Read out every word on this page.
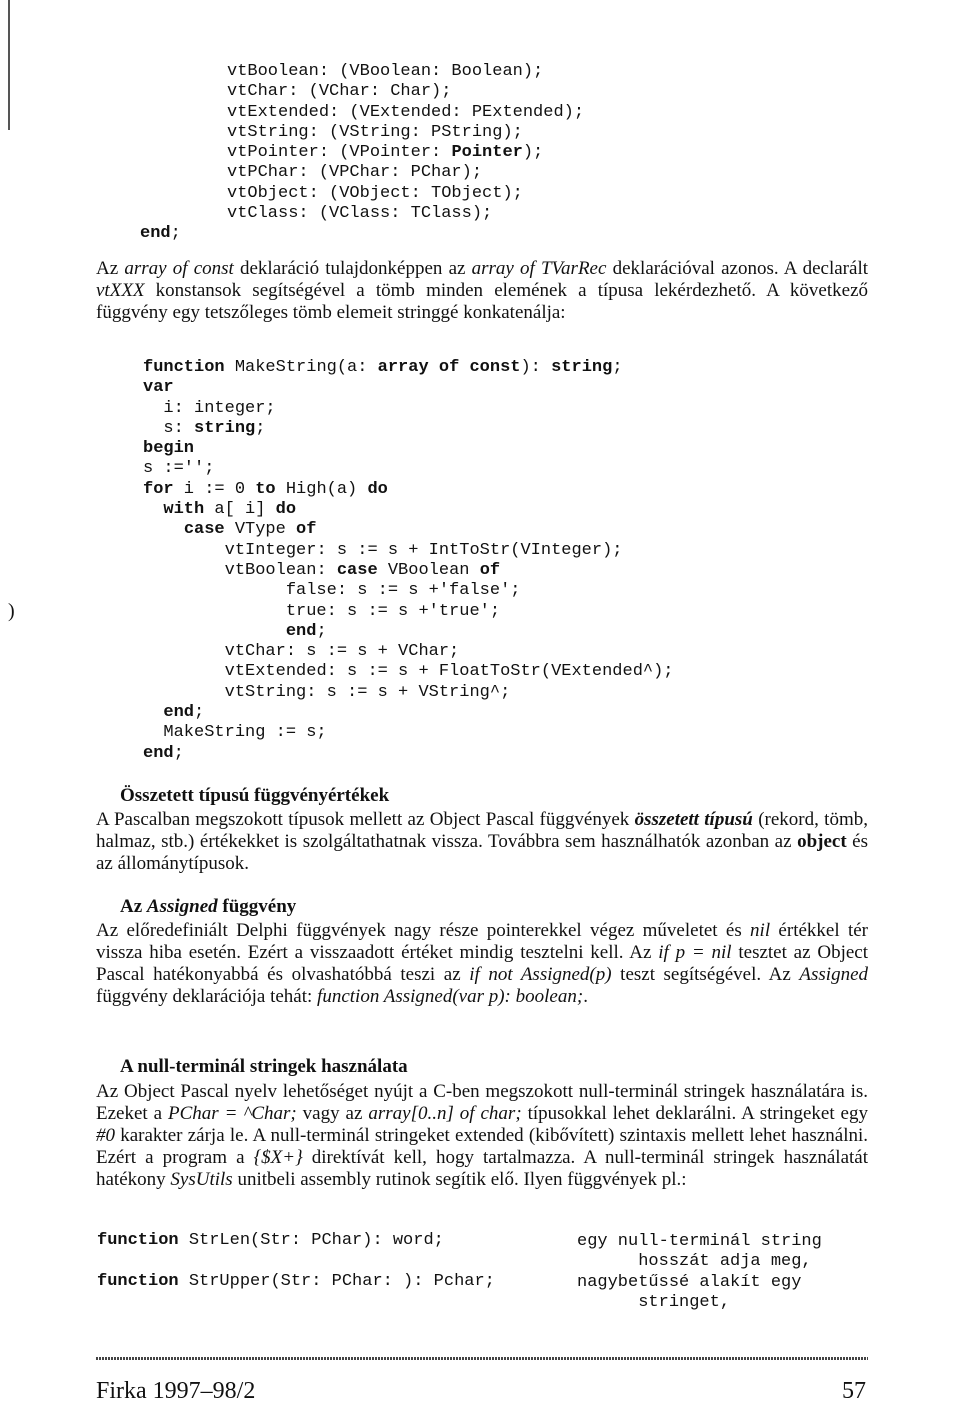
)
vtBoolean: (VBoolean: Boolean);
vtChar: (VChar: Char);
vtExtended: (VExtended: PExtended);
vtString: (VString: PString);
vtPointer: (VPointer: Pointer);
vtPChar: (VPChar: PChar);
vtObject: (VObject: TObject);
vtClass: (VClass: TClass);
end;

Az array of const deklaráció tulajdonképpen az array of TVarRec deklarációval azonos. A declarált vtXXX konstansok segítségével a tömb minden elemének a típusa lekérdezhető. A következő függvény egy tetszőleges tömb elemeit stringgé konkatenálja:

function MakeString(a: array of const): string;
var
i: integer;
s: string;
begin
s :='';
for i := 0 to High(a) do
with a[ i] do
case VType of
vtInteger: s := s + IntToStr(VInteger);
vtBoolean: case VBoolean of
false: s := s +'false';
true: s := s +'true';
end;
vtChar: s := s + VChar;
vtExtended: s := s + FloatToStr(VExtended^);
vtString: s := s + VString^;
end;
MakeString := s;
end;
Összetett típusú függvényértékek

A Pascalban megszokott típusok mellett az Object Pascal függvények összetett típusú (rekord, tömb, halmaz, stb.) értékekket is szolgáltathatnak vissza. Továbbra sem használhatók azonban az object és az állománytípusok.

Az Assigned függvény

Az előredefiniált Delphi függvények nagy része pointerekkel végez műveletet és nil értékkel tér vissza hiba esetén. Ezért a visszaadott értéket mindig tesztelni kell. Az if p = nil tesztet az Object Pascal hatékonyabbá és olvashatóbbá teszi az if not Assigned(p) teszt segítségével. Az Assigned függvény deklarációja tehát: function Assigned(var p): boolean;.

A null-terminál stringek használata

Az Object Pascal nyelv lehetőséget nyújt a C-ben megszokott null-terminál stringek használatára is. Ezeket a PChar = ^Char; vagy az array[0..n] of char; típusokkal lehet deklarálni. A stringeket egy #0 karakter zárja le. A null-terminál stringeket extended (kibővített) szintaxis mellett lehet használni. Ezért a program a {$X+} direktívát kell, hogy tartalmazza. A null-terminál stringek használatát hatékony SysUtils unitbeli assembly rutinok segítik elő. Ilyen függvények pl.:

function StrLen(Str: PChar): word;	egy null-terminál string
hosszát adja meg,
function StrUpper(Str: PChar: ): Pchar;	nagybetűssé alakít egy
stringet,
Firka 1997–98/2	57
